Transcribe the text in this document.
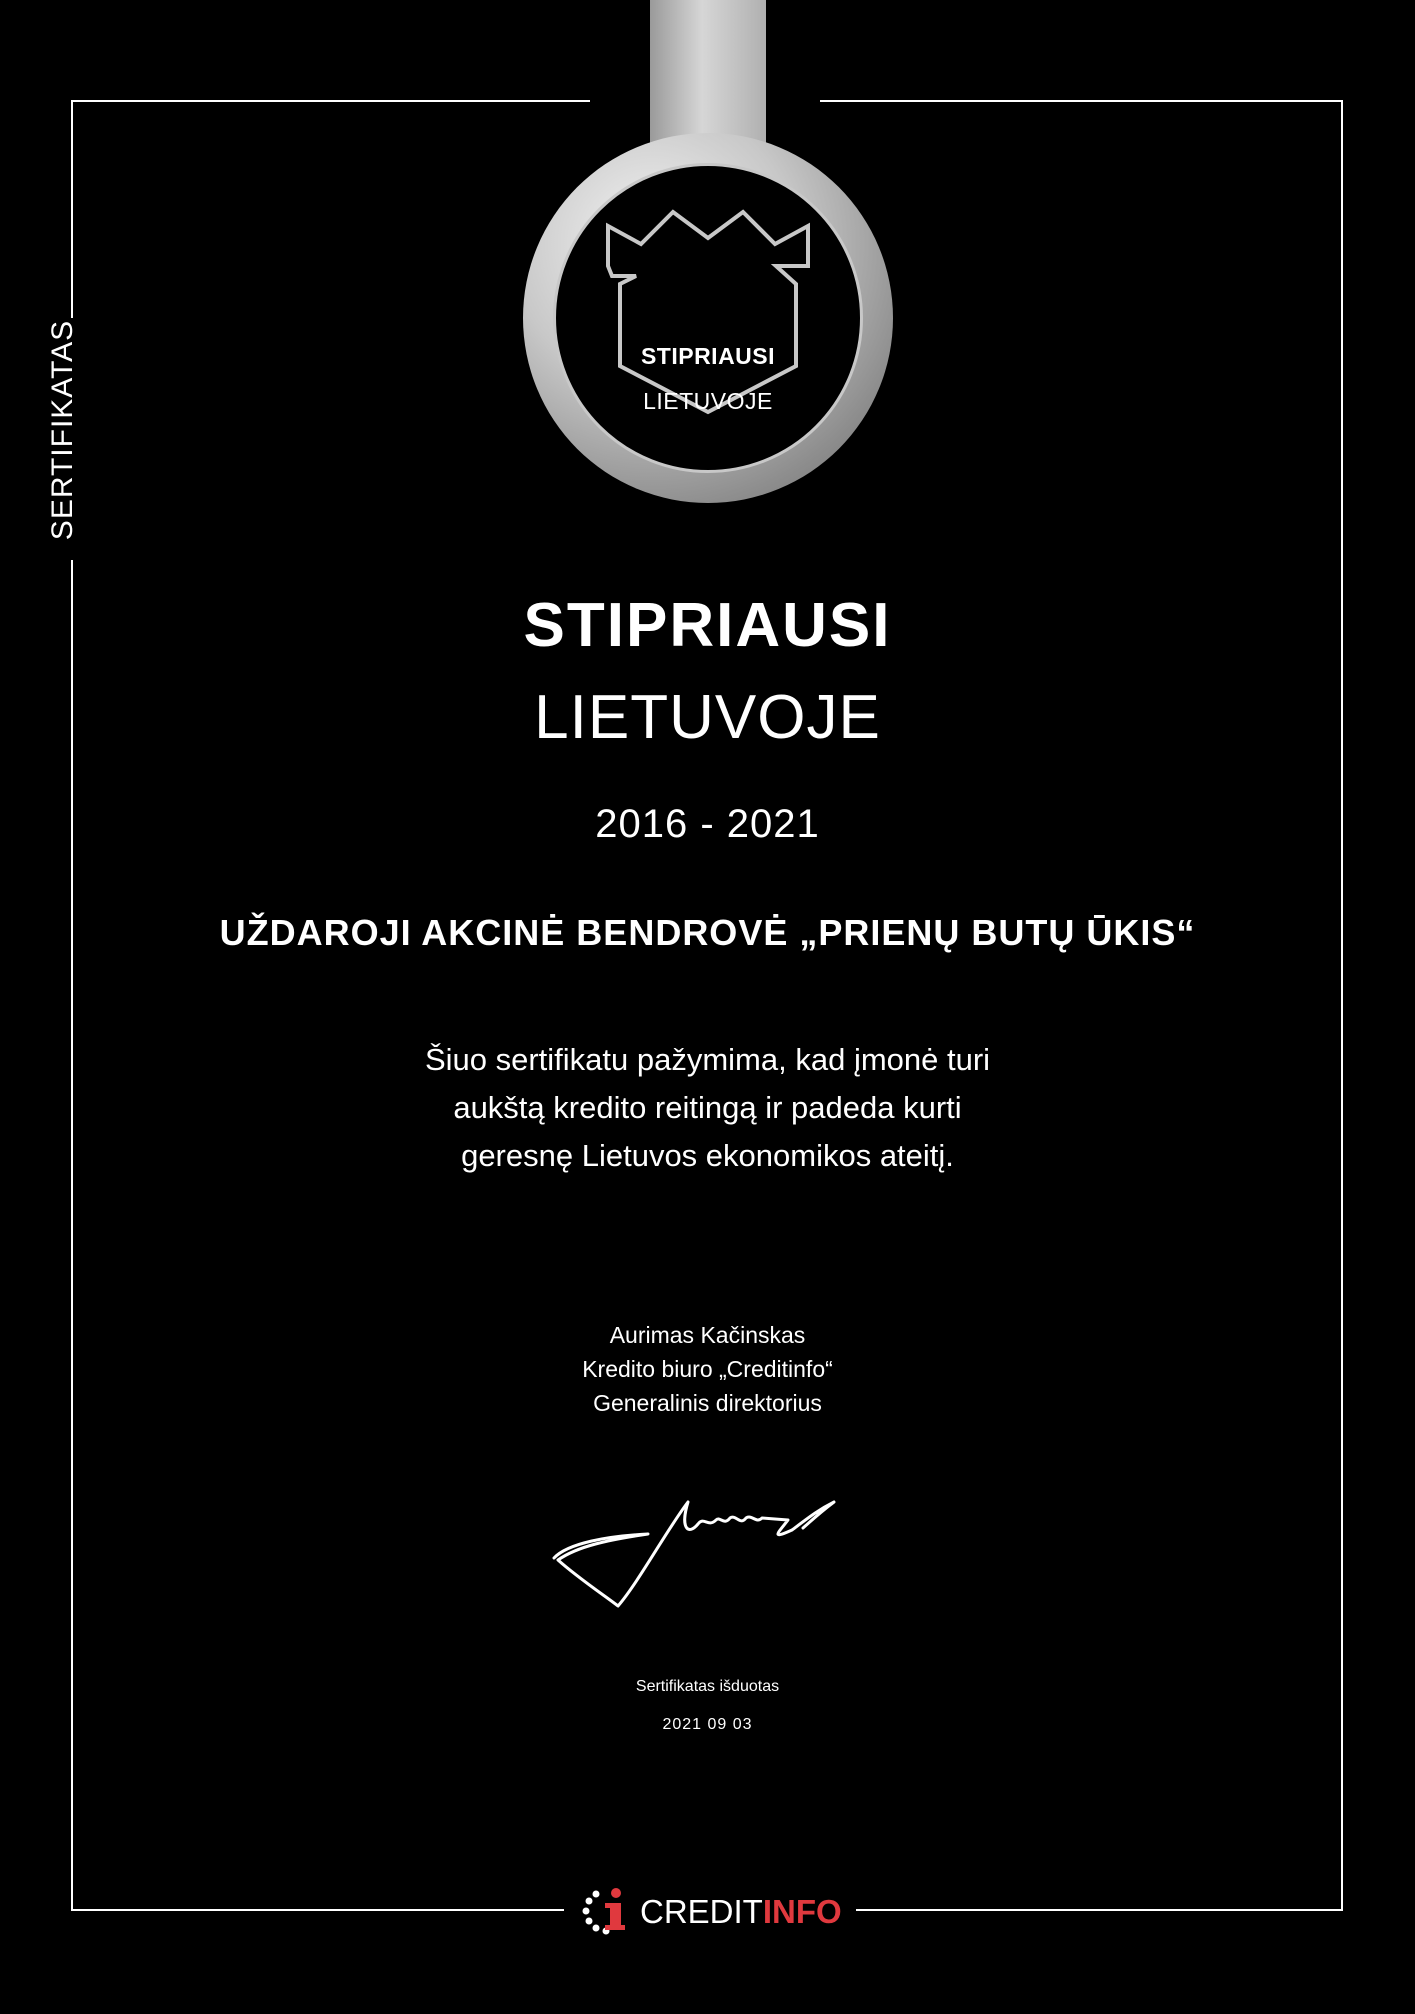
SERTIFIKATAS	STIPRIAUSI
LIETUVOJE
STIPRIAUSI
LIETUVOJE
2016 - 2021
UŽDAROJI AKCINĖ BENDROVĖ „PRIENŲ BUTŲ ŪKIS“
Šiuo sertifikatu pažymima, kad įmonė turi
aukštą kredito reitingą ir padeda kurti
geresnę Lietuvos ekonomikos ateitį.
Aurimas Kačinskas
Kredito biuro „Creditinfo“
Generalinis direktorius
Sertifikatas išduotas
2021 09 03
CREDITINFO
